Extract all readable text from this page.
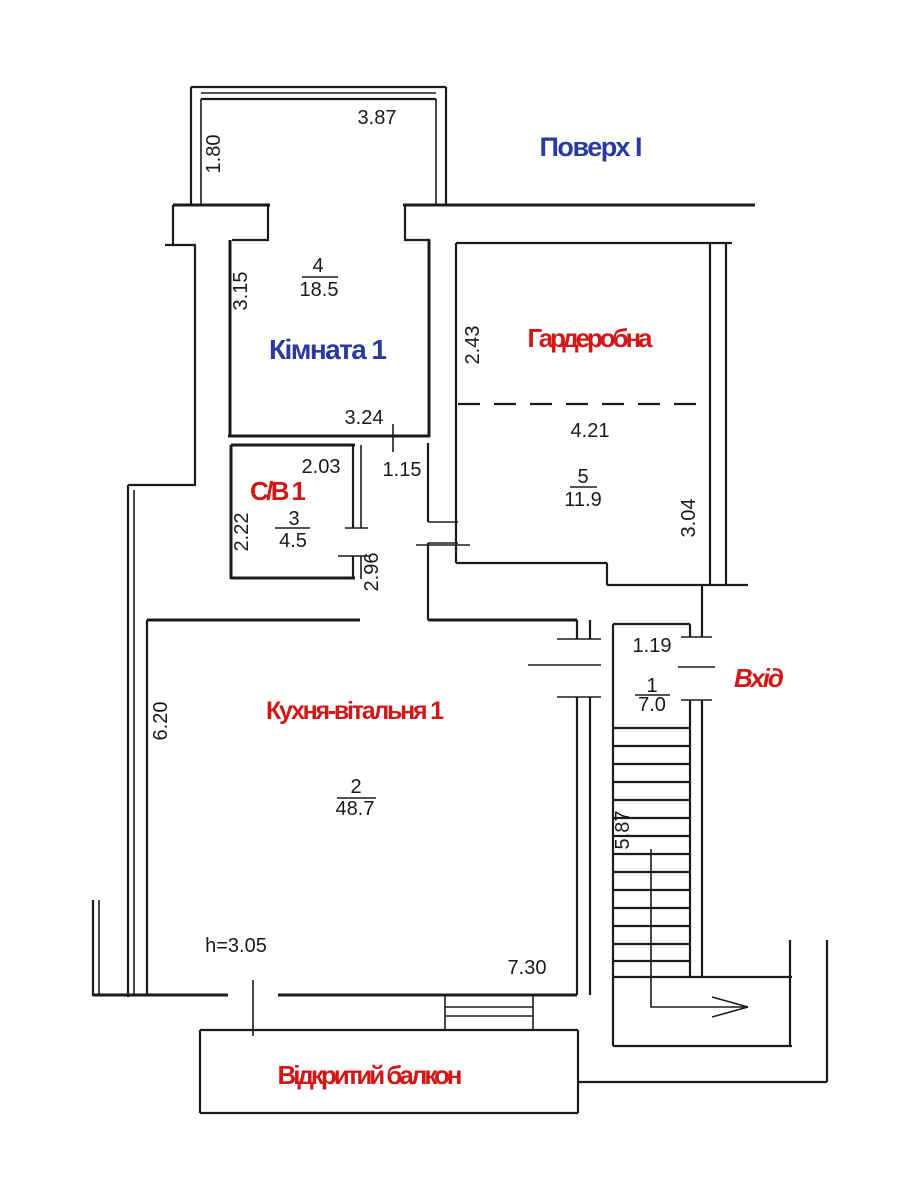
Поверх I
3.87
1.80
3.15
4
18.5
Кімната 1
3.24
2.03 1.15
С/В 1
2.22 3
4.5
2.96
2.43 Гардеробна
4.21
5
11.9	3.04
6.20	Кухня-вітальня 1
2
48.7
h=3.05
7.30
1.19
1
7.0
Вхід
5.87
Відкритий балкон
